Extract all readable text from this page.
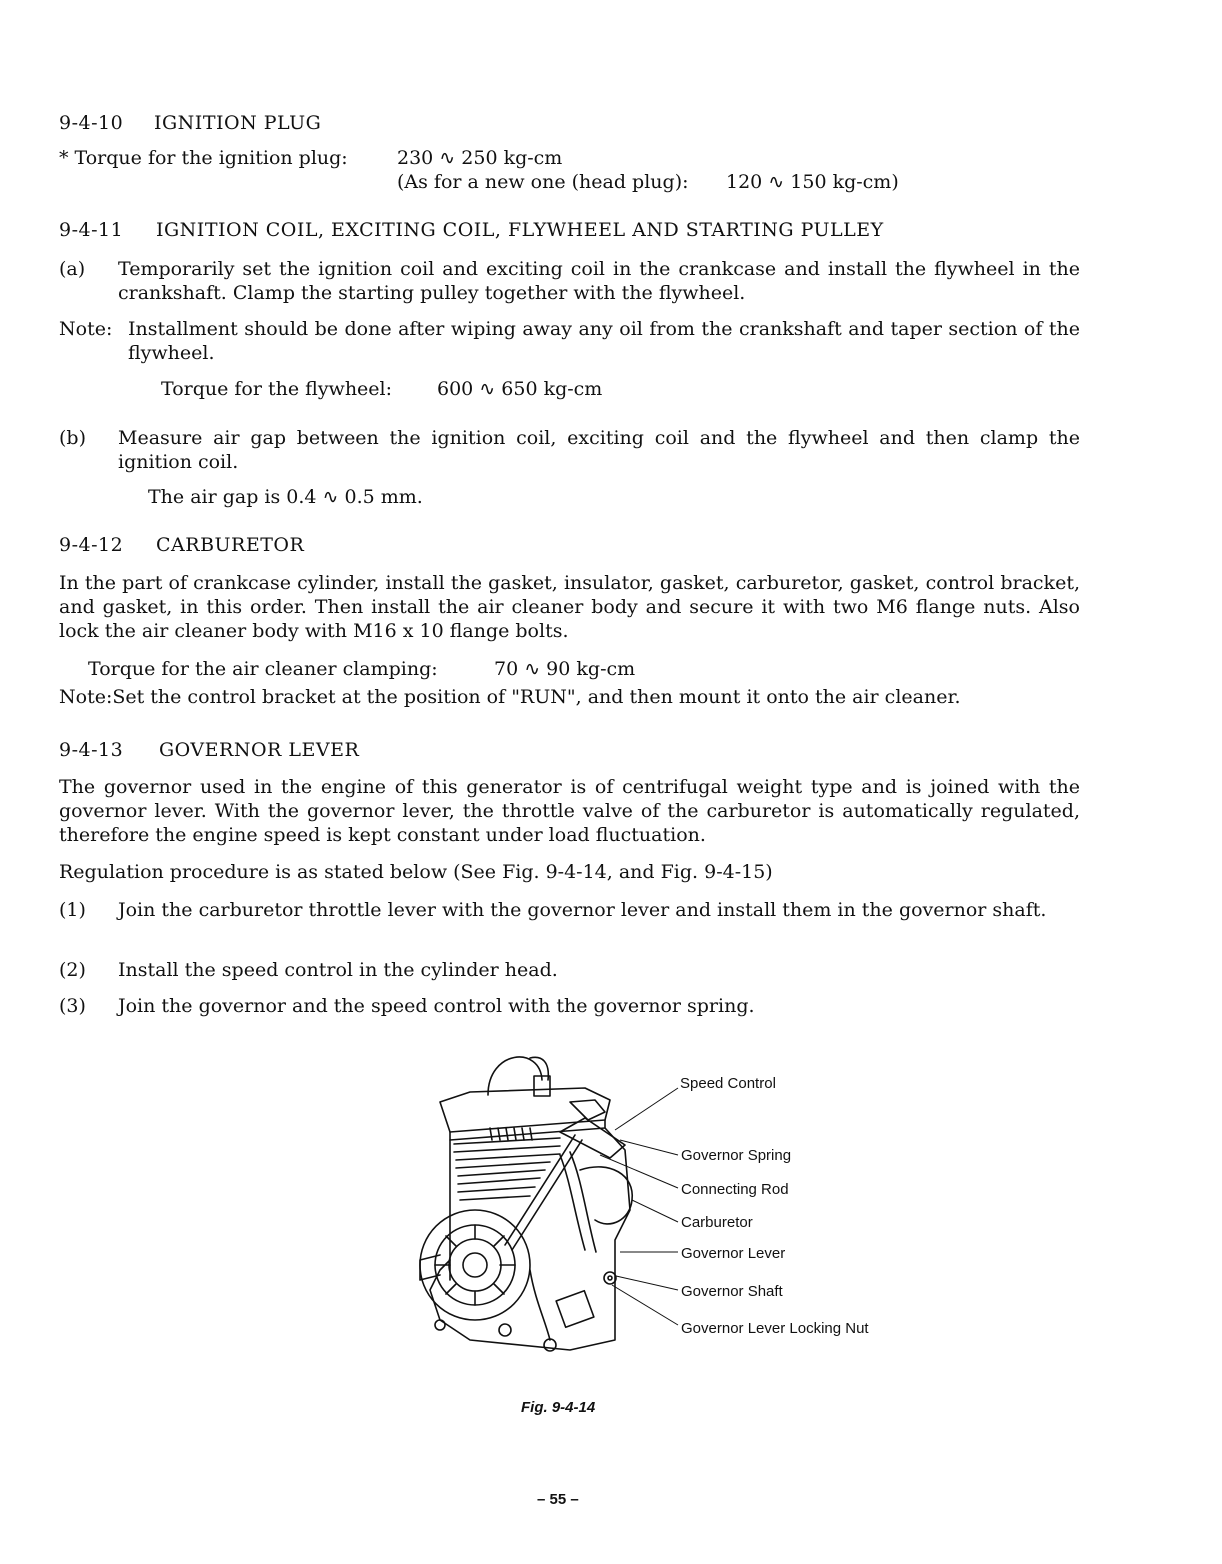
9-4-10 IGNITION PLUG
* Torque for the ignition plug:	230 ∿ 250 kg-cm
(As for a new one (head plug): 120 ∿ 150 kg-cm)
9-4-11 IGNITION COIL, EXCITING COIL, FLYWHEEL AND STARTING PULLEY
(a) Temporarily set the ignition coil and exciting coil in the crankcase and install the flywheel in the crankshaft. Clamp the starting pulley together with the flywheel.
Note: Installment should be done after wiping away any oil from the crankshaft and taper section of the flywheel.
Torque for the flywheel: 600 ∿ 650 kg-cm
(b) Measure air gap between the ignition coil, exciting coil and the flywheel and then clamp the ignition coil.
The air gap is 0.4 ∿ 0.5 mm.
9-4-12 CARBURETOR
In the part of crankcase cylinder, install the gasket, insulator, gasket, carburetor, gasket, control bracket, and gasket, in this order. Then install the air cleaner body and secure it with two M6 flange nuts. Also lock the air cleaner body with M16 x 10 flange bolts.
Torque for the air cleaner clamping:	70 ∿ 90 kg-cm
Note:Set the control bracket at the position of "RUN", and then mount it onto the air cleaner.
9-4-13 GOVERNOR LEVER
The governor used in the engine of this generator is of centrifugal weight type and is joined with the governor lever. With the governor lever, the throttle valve of the carburetor is automatically regulated, therefore the engine speed is kept constant under load fluctuation.
Regulation procedure is as stated below (See Fig. 9-4-14, and Fig. 9-4-15)
(1) Join the carburetor throttle lever with the governor lever and install them in the governor shaft.
(2) Install the speed control in the cylinder head.
(3) Join the governor and the speed control with the governor spring.
Speed Control
Governor Spring
Connecting Rod
Carburetor
Governor Lever
Governor Shaft
Governor Lever Locking Nut
Fig. 9-4-14
– 55 –
